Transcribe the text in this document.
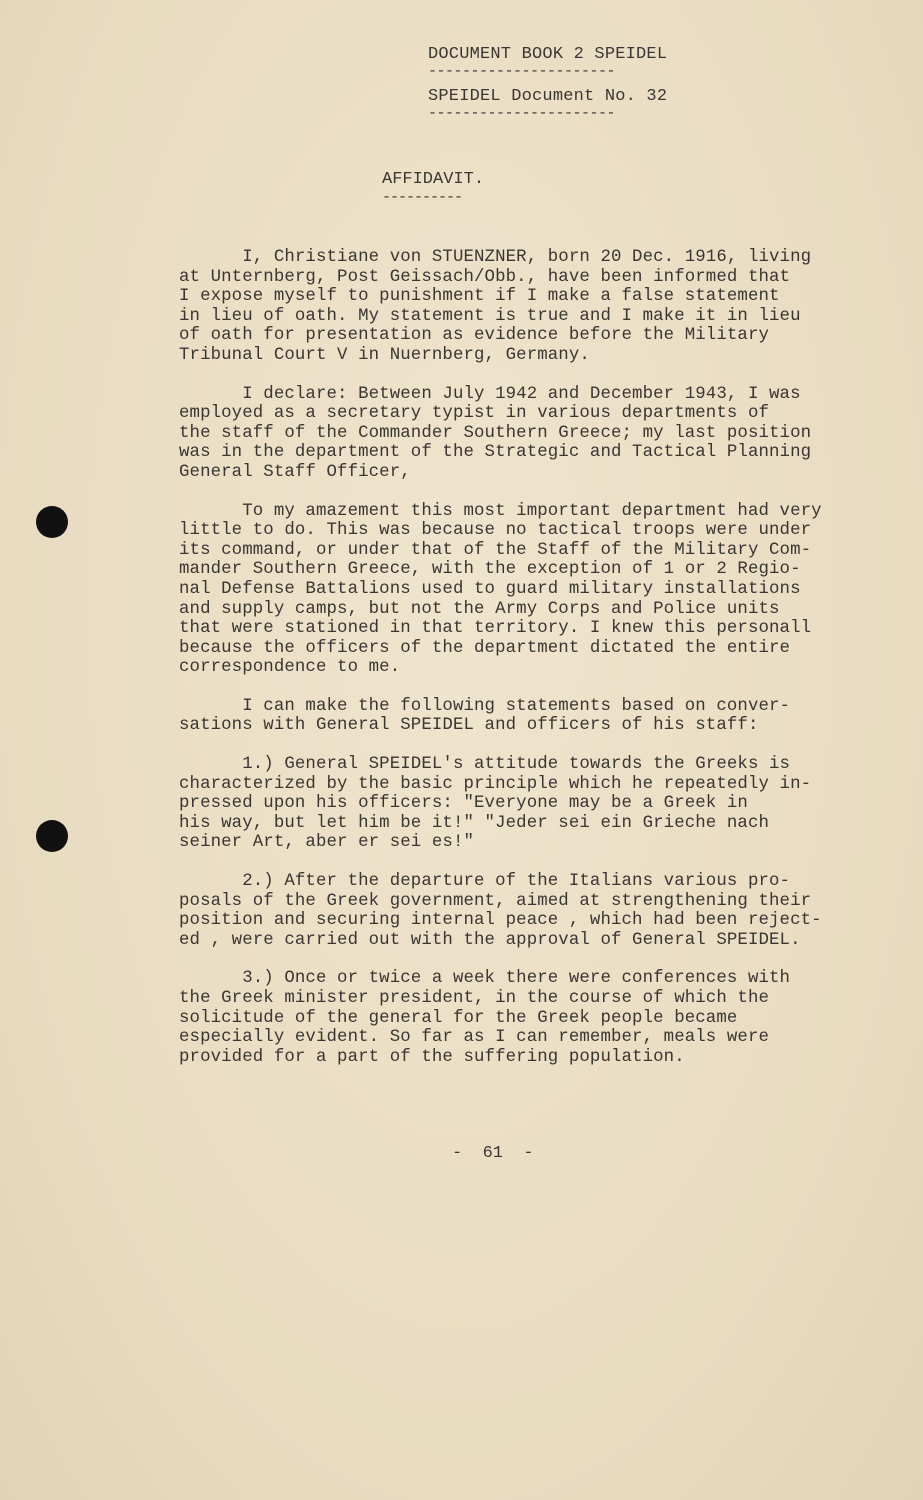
DOCUMENT BOOK 2 SPEIDEL
----------------------
SPEIDEL Document No. 32
----------------------
AFFIDAVIT.
----------
I, Christiane von STUENZNER, born 20 Dec. 1916, living
at Unternberg, Post Geissach/Obb., have been informed that
I expose myself to punishment if I make a false statement
in lieu of oath. My statement is true and I make it in lieu
of oath for presentation as evidence before the Military
Tribunal Court V in Nuernberg, Germany.
I declare: Between July 1942 and December 1943, I was
employed as a secretary typist in various departments of
the staff of the Commander Southern Greece; my last position
was in the department of the Strategic and Tactical Planning
General Staff Officer,
To my amazement this most important department had very
little to do. This was because no tactical troops were under
its command, or under that of the Staff of the Military Com-
mander Southern Greece, with the exception of 1 or 2 Regio-
nal Defense Battalions used to guard military installations
and supply camps, but not the Army Corps and Police units
that were stationed in that territory. I knew this personall
because the officers of the department dictated the entire
correspondence to me.
I can make the following statements based on conver-
sations with General SPEIDEL and officers of his staff:
1.) General SPEIDEL's attitude towards the Greeks is
characterized by the basic principle which he repeatedly in-
pressed upon his officers: "Everyone may be a Greek in
his way, but let him be it!" "Jeder sei ein Grieche nach
seiner Art, aber er sei es!"
2.) After the departure of the Italians various pro-
posals of the Greek government, aimed at strengthening their
position and securing internal peace , which had been reject-
ed , were carried out with the approval of General SPEIDEL.
3.) Once or twice a week there were conferences with
the Greek minister president, in the course of which the
solicitude of the general for the Greek people became
especially evident. So far as I can remember, meals were
provided for a part of the suffering population.
-  61  -
